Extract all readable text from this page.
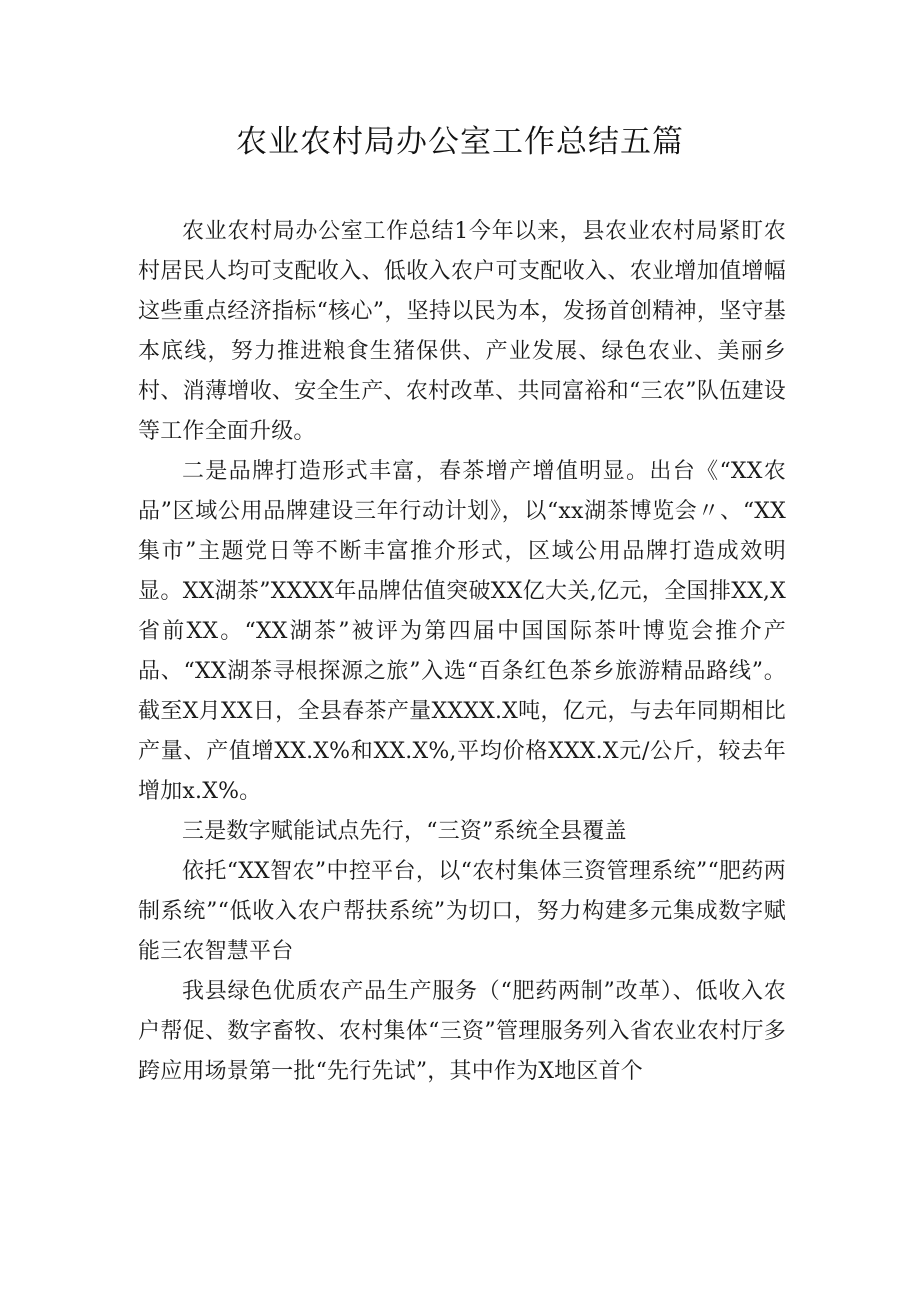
农业农村局办公室工作总结五篇

农业农村局办公室工作总结1今年以来，县农业农村局紧盯农村居民人均可支配收入、低收入农户可支配收入、农业增加值增幅这些重点经济指标“核心”，坚持以民为本，发扬首创精神，坚守基本底线，努力推进粮食生猪保供、产业发展、绿色农业、美丽乡村、消薄增收、安全生产、农村改革、共同富裕和“三农”队伍建设等工作全面升级。

二是品牌打造形式丰富，春茶增产增值明显。出台《“XX农品”区域公用品牌建设三年行动计划》，以“xx湖茶博览会〃、“XX集市”主题党日等不断丰富推介形式，区域公用品牌打造成效明显。XX湖茶”XXXX年品牌估值突破XX亿大关,亿元，全国排XX,X省前XX。“XX湖茶”被评为第四届中国国际茶叶博览会推介产品、“XX湖茶寻根探源之旅”入选“百条红色茶乡旅游精品路线”。截至X月XX日，全县春茶产量XXXX.X吨，亿元，与去年同期相比产量、产值增XX.X%和XX.X%,平均价格XXX.X元/公斤，较去年增加x.X%。

三是数字赋能试点先行，“三资”系统全县覆盖

依托“XX智农”中控平台，以“农村集体三资管理系统”“肥药两制系统”“低收入农户帮扶系统”为切口，努力构建多元集成数字赋能三农智慧平台

我县绿色优质农产品生产服务（“肥药两制”改革）、低收入农户帮促、数字畜牧、农村集体“三资”管理服务列入省农业农村厅多跨应用场景第一批“先行先试”，其中作为X地区首个
